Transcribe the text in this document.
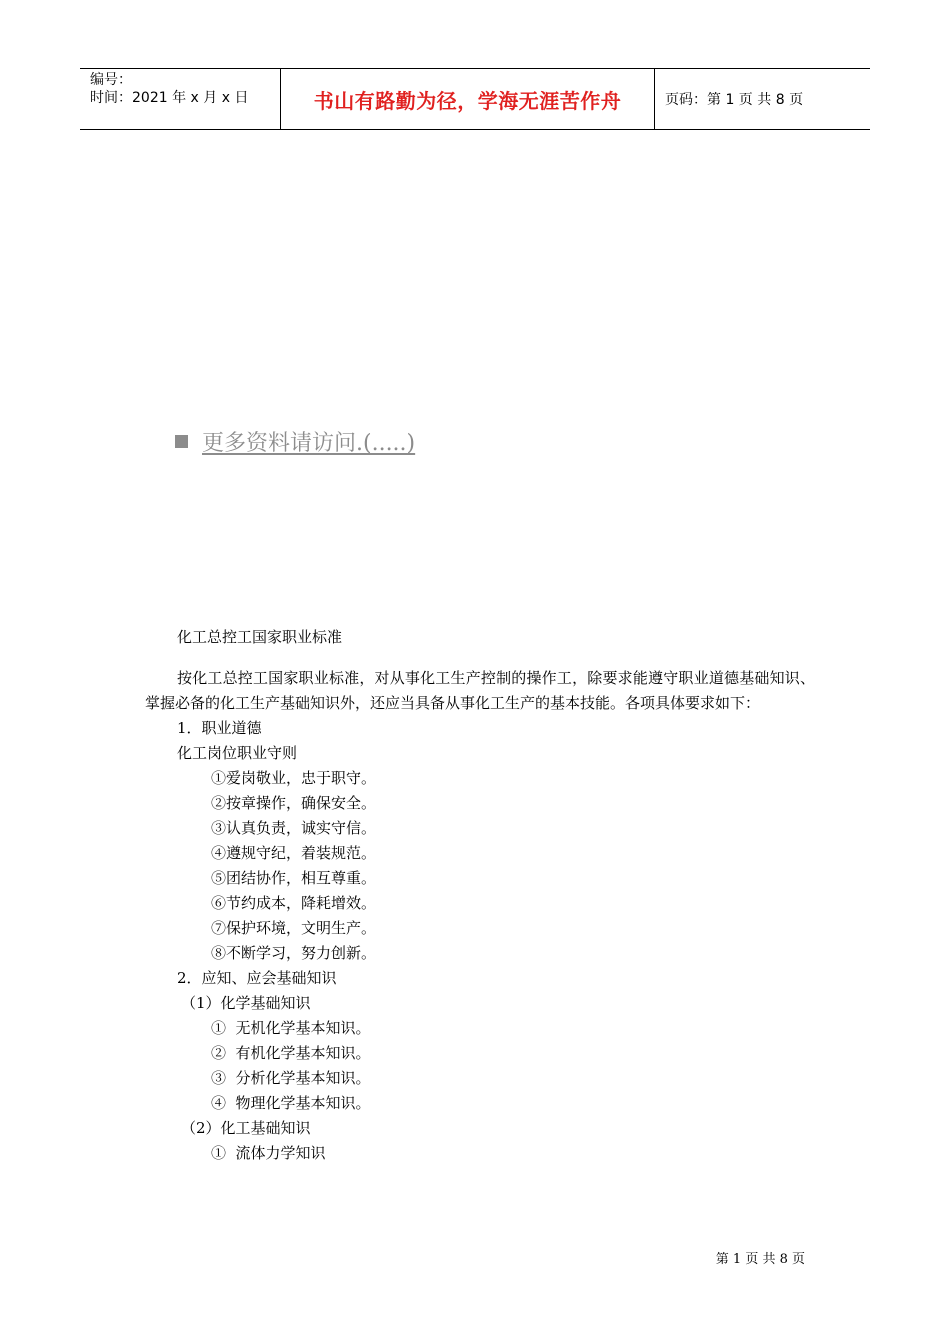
编号：
时间：2021 年 x 月 x 日	书山有路勤为径，学海无涯苦作舟	页码：第 1 页 共 8 页
更多资料请访问.(.....)

化工总控工国家职业标准

按化工总控工国家职业标准，对从事化工生产控制的操作工，除要求能遵守职业道德基础知识、掌握必备的化工生产基础知识外，还应当具备从事化工生产的基本技能。各项具体要求如下：

1．职业道德

化工岗位职业守则

①爱岗敬业，忠于职守。

②按章操作，确保安全。

③认真负责，诚实守信。

④遵规守纪，着装规范。

⑤团结协作，相互尊重。

⑥节约成本，降耗增效。

⑦保护环境，文明生产。

⑧不断学习，努力创新。

2．应知、应会基础知识

（1）化学基础知识

①  无机化学基本知识。

②  有机化学基本知识。

③  分析化学基本知识。

④  物理化学基本知识。

（2）化工基础知识

①  流体力学知识

第 1 页 共 8 页
